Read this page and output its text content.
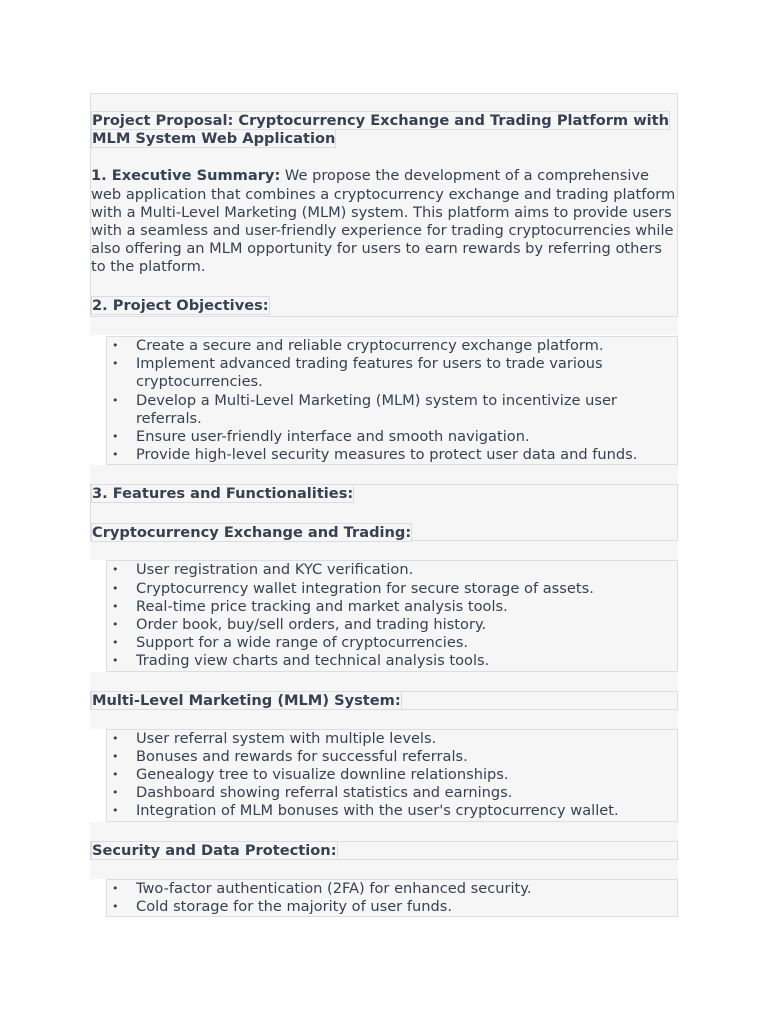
Project Proposal: Cryptocurrency Exchange and Trading Platform with MLM System Web Application
1. Executive Summary: We propose the development of a comprehensive web application that combines a cryptocurrency exchange and trading platform with a Multi-Level Marketing (MLM) system. This platform aims to provide users with a seamless and user-friendly experience for trading cryptocurrencies while also offering an MLM opportunity for users to earn rewards by referring others to the platform.
2. Project Objectives:
• Create a secure and reliable cryptocurrency exchange platform.
• Implement advanced trading features for users to trade various cryptocurrencies.
• Develop a Multi-Level Marketing (MLM) system to incentivize user referrals.
• Ensure user-friendly interface and smooth navigation.
• Provide high-level security measures to protect user data and funds.
3. Features and Functionalities:
Cryptocurrency Exchange and Trading:
• User registration and KYC verification.
• Cryptocurrency wallet integration for secure storage of assets.
• Real-time price tracking and market analysis tools.
• Order book, buy/sell orders, and trading history.
• Support for a wide range of cryptocurrencies.
• Trading view charts and technical analysis tools.
Multi-Level Marketing (MLM) System:
• User referral system with multiple levels.
• Bonuses and rewards for successful referrals.
• Genealogy tree to visualize downline relationships.
• Dashboard showing referral statistics and earnings.
• Integration of MLM bonuses with the user's cryptocurrency wallet.
Security and Data Protection:
• Two-factor authentication (2FA) for enhanced security.
• Cold storage for the majority of user funds.
